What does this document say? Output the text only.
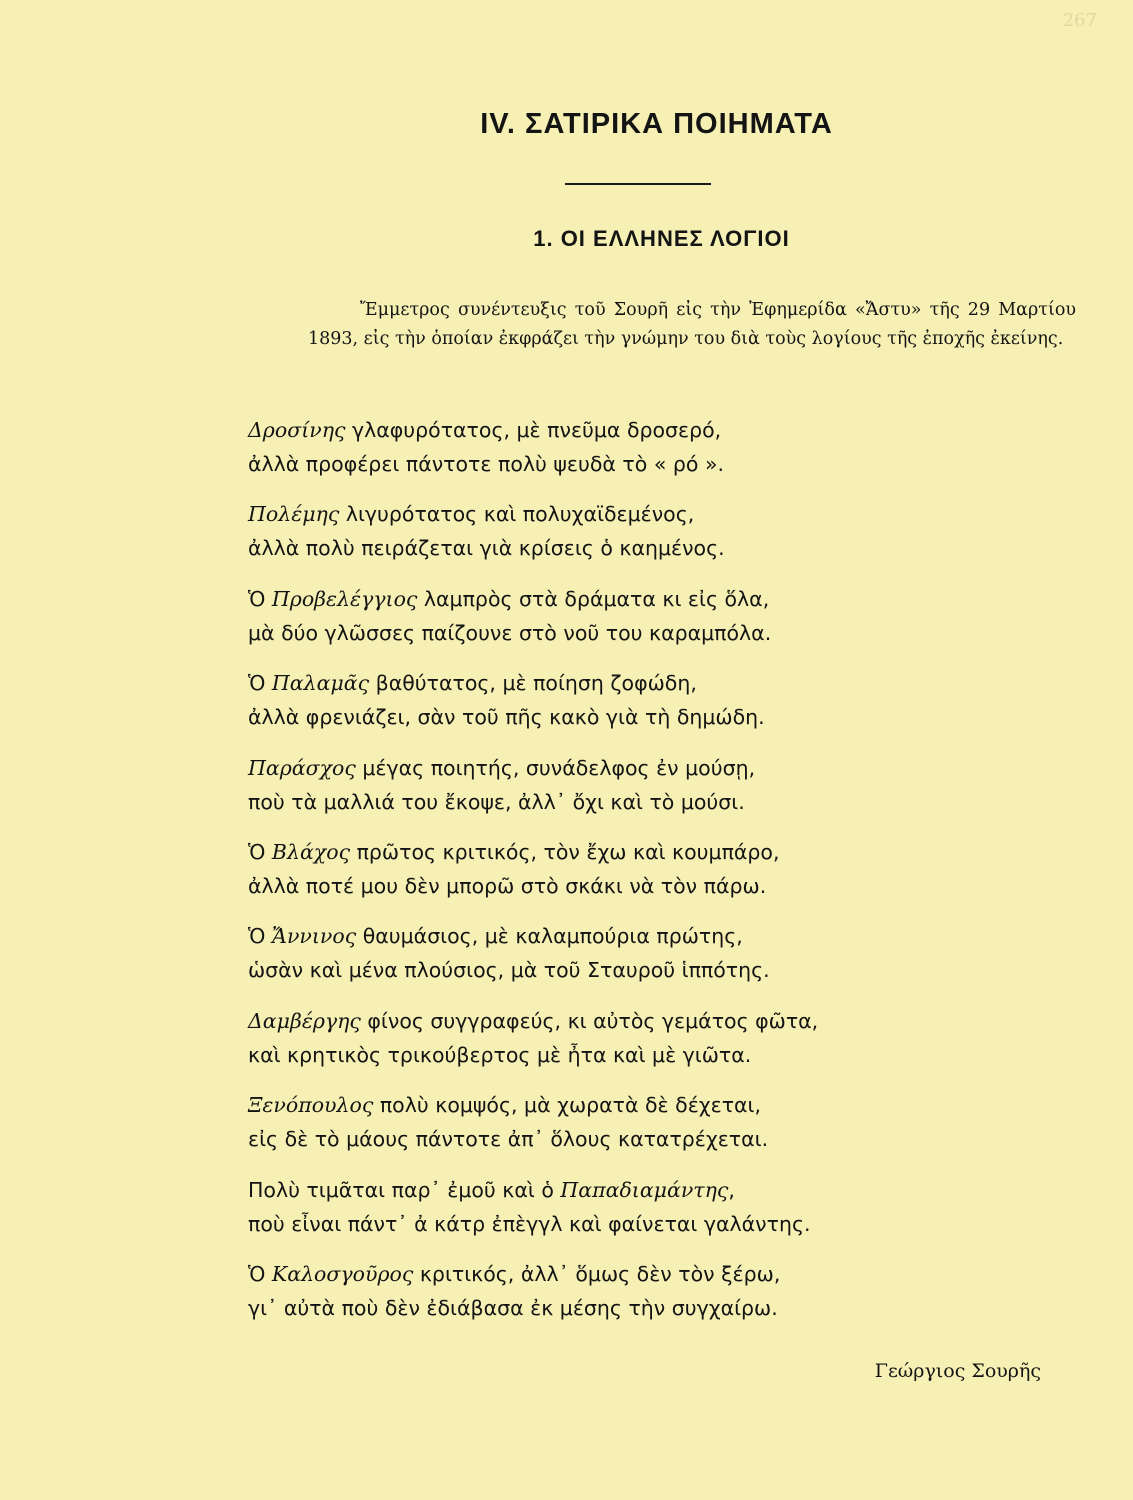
267
IV. ΣΑΤΙΡΙΚΑ ΠΟΙΗΜΑΤΑ
1. ΟΙ ΕΛΛΗΝΕΣ ΛΟΓΙΟΙ
Ἔμμετρος συνέντευξις τοῦ Σουρῆ εἰς τὴν Ἐφημερίδα «Ἄστυ» τῆς 29 Μαρτίου 1893, εἰς τὴν ὁποίαν ἐκφράζει τὴν γνώμην του διὰ τοὺς λογίους τῆς ἐποχῆς ἐκείνης.
Δροσίνης γλαφυρότατος, μὲ πνεῦμα δροσερό,
ἀλλὰ προφέρει πάντοτε πολὺ ψευδὰ τὸ « ρό ».
Πολέμης λιγυρότατος καὶ πολυχαϊδεμένος,
ἀλλὰ πολὺ πειράζεται γιὰ κρίσεις ὁ καημένος.
Ὁ Προβελέγγιος λαμπρὸς στὰ δράματα κι εἰς ὅλα,
μὰ δύο γλῶσσες παίζουνε στὸ νοῦ του καραμπόλα.
Ὁ Παλαμᾶς βαθύτατος, μὲ ποίηση ζοφώδη,
ἀλλὰ φρενιάζει, σὰν τοῦ πῆς κακὸ γιὰ τὴ δημώδη.
Παράσχος μέγας ποιητής, συνάδελφος ἐν μούσῃ,
ποὺ τὰ μαλλιά του ἔκοψε, ἀλλ᾽ ὄχι καὶ τὸ μούσι.
Ὁ Βλάχος πρῶτος κριτικός, τὸν ἔχω καὶ κουμπάρο,
ἀλλὰ ποτέ μου δὲν μπορῶ στὸ σκάκι νὰ τὸν πάρω.
Ὁ Ἄννινος θαυμάσιος, μὲ καλαμπούρια πρώτης,
ὡσὰν καὶ μένα πλούσιος, μὰ τοῦ Σταυροῦ ἱππότης.
Δαμβέργης φίνος συγγραφεύς, κι αὐτὸς γεμάτος φῶτα,
καὶ κρητικὸς τρικούβερτος μὲ ἦτα καὶ μὲ γιῶτα.
Ξενόπουλος πολὺ κομψός, μὰ χωρατὰ δὲ δέχεται,
εἰς δὲ τὸ μάους πάντοτε ἀπ᾽ ὅλους κατατρέχεται.
Πολὺ τιμᾶται παρ᾽ ἐμοῦ καὶ ὁ Παπαδιαμάντης,
ποὺ εἶναι πάντ᾽ ἀ κάτρ ἐπὲγγλ καὶ φαίνεται γαλάντης.
Ὁ Καλοσγοῦρος κριτικός, ἀλλ᾽ ὅμως δὲν τὸν ξέρω,
γι᾽ αὐτὰ ποὺ δὲν ἐδιάβασα ἐκ μέσης τὴν συγχαίρω.
Γεώργιος Σουρῆς
